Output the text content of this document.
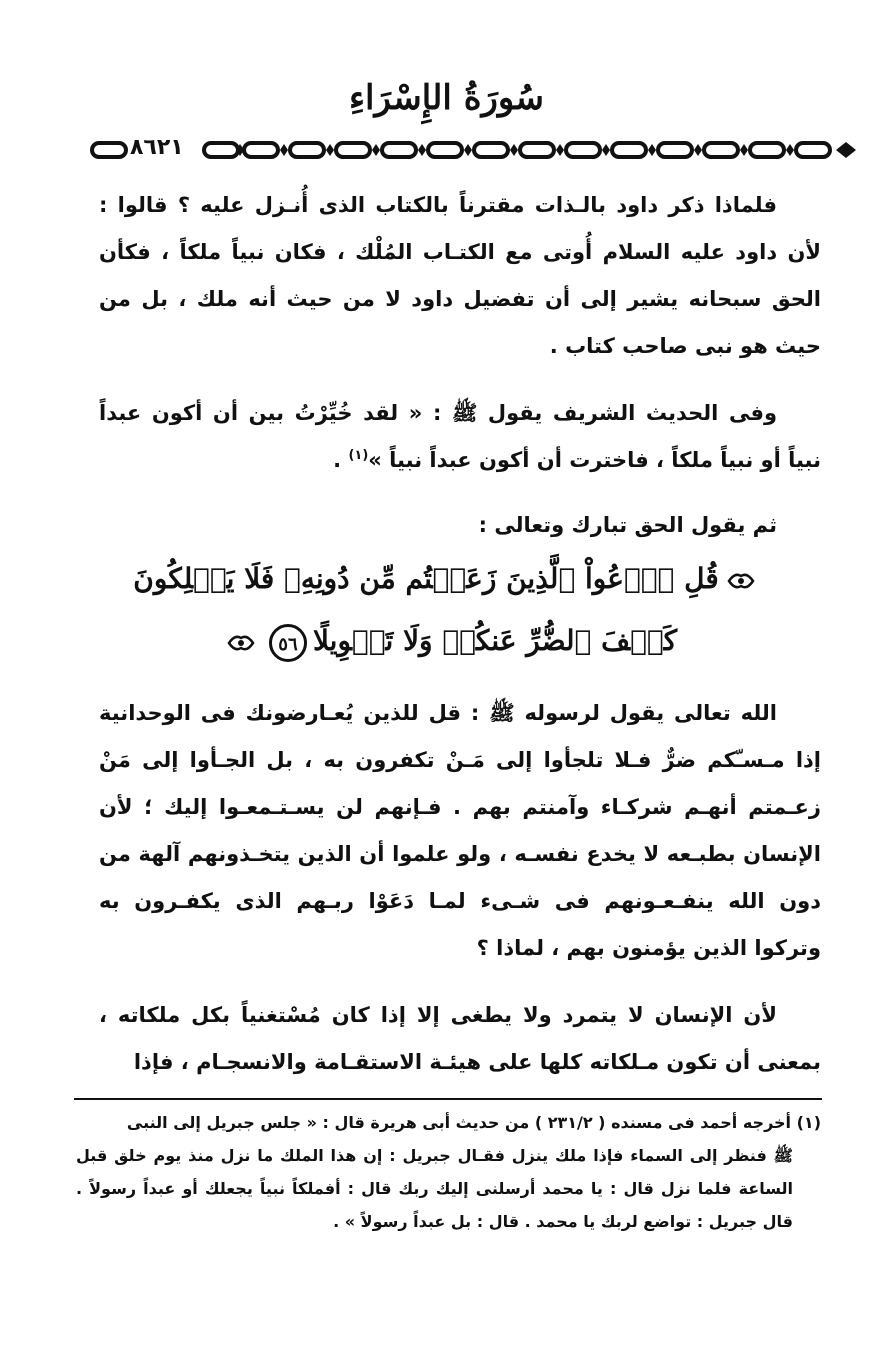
سُورَةُ الإِسْرَاءِ
٨٦٢١
فلماذا ذكر داود بالـذات مقترناً بالكتاب الذى أُنـزل عليه ؟ قالوا : لأن داود عليه السلام أُوتى مع الكتـاب المُلْك ، فكان نبياً ملكاً ، فكأن الحق سبحانه يشير إلى أن تفضيل داود لا من حيث أنه ملك ، بل من حيث هو نبى صاحب كتاب .
وفى الحديث الشريف يقول ﷺ : « لقد خُيِّرْتُ بين أن أكون عبداً نبياً أو نبياً ملكاً ، فاخترت أن أكون عبداً نبياً »$^{(١)}$ .
ثم يقول الحق تبارك وتعالى :
قُلِ ٱدۡعُواْ ٱلَّذِينَ زَعَمۡتُم مِّن دُونِهِۦ فَلَا يَمۡلِكُونَ
كَشۡفَ ٱلضُّرِّ عَنكُمۡ وَلَا تَحۡوِيلًا٥٦
الله تعالى يقول لرسوله ﷺ : قل للذين يُعـارضونك فى الوحدانية إذا مـسـّكم ضرٌّ فـلا تلجأوا إلى مَـنْ تكفرون به ، بل الجـأوا إلى مَنْ زعـمتم أنهـم شركـاء وآمنتم بهم . فـإنهم لن يسـتـمعـوا إليك ؛ لأن الإنسان بطبـعه لا يخدع نفسـه ، ولو علموا أن الذين يتخـذونهم آلهة من دون الله ينفـعـونهم فى شـىء لمـا دَعَوْا ربـهم الذى يكفـرون به وتركوا الذين يؤمنون بهم ، لماذا ؟
لأن الإنسان لا يتمرد ولا يطغى إلا إذا كان مُسْتغنياً بكل ملكاته ، بمعنى أن تكون مـلكاته كلها على هيئـة الاستقـامة والانسجـام ، فإذا
(١) أخرجه أحمد فى مسنده ( ٢٣١/٢ ) من حديث أبى هريرة قال : « جلس جبريل إلى النبى
ﷺ فنظر إلى السماء فإذا ملك ينزل فقـال جبريل : إن هذا الملك ما نزل منذ يوم خلق قبل الساعة فلما نزل قال : يا محمد أرسلنى إليك ربك قال : أفملكاً نبياً يجعلك أو عبداً رسولاً . قال جبريل : تواضع لربك يا محمد . قال : بل عبداً رسولاً » .
